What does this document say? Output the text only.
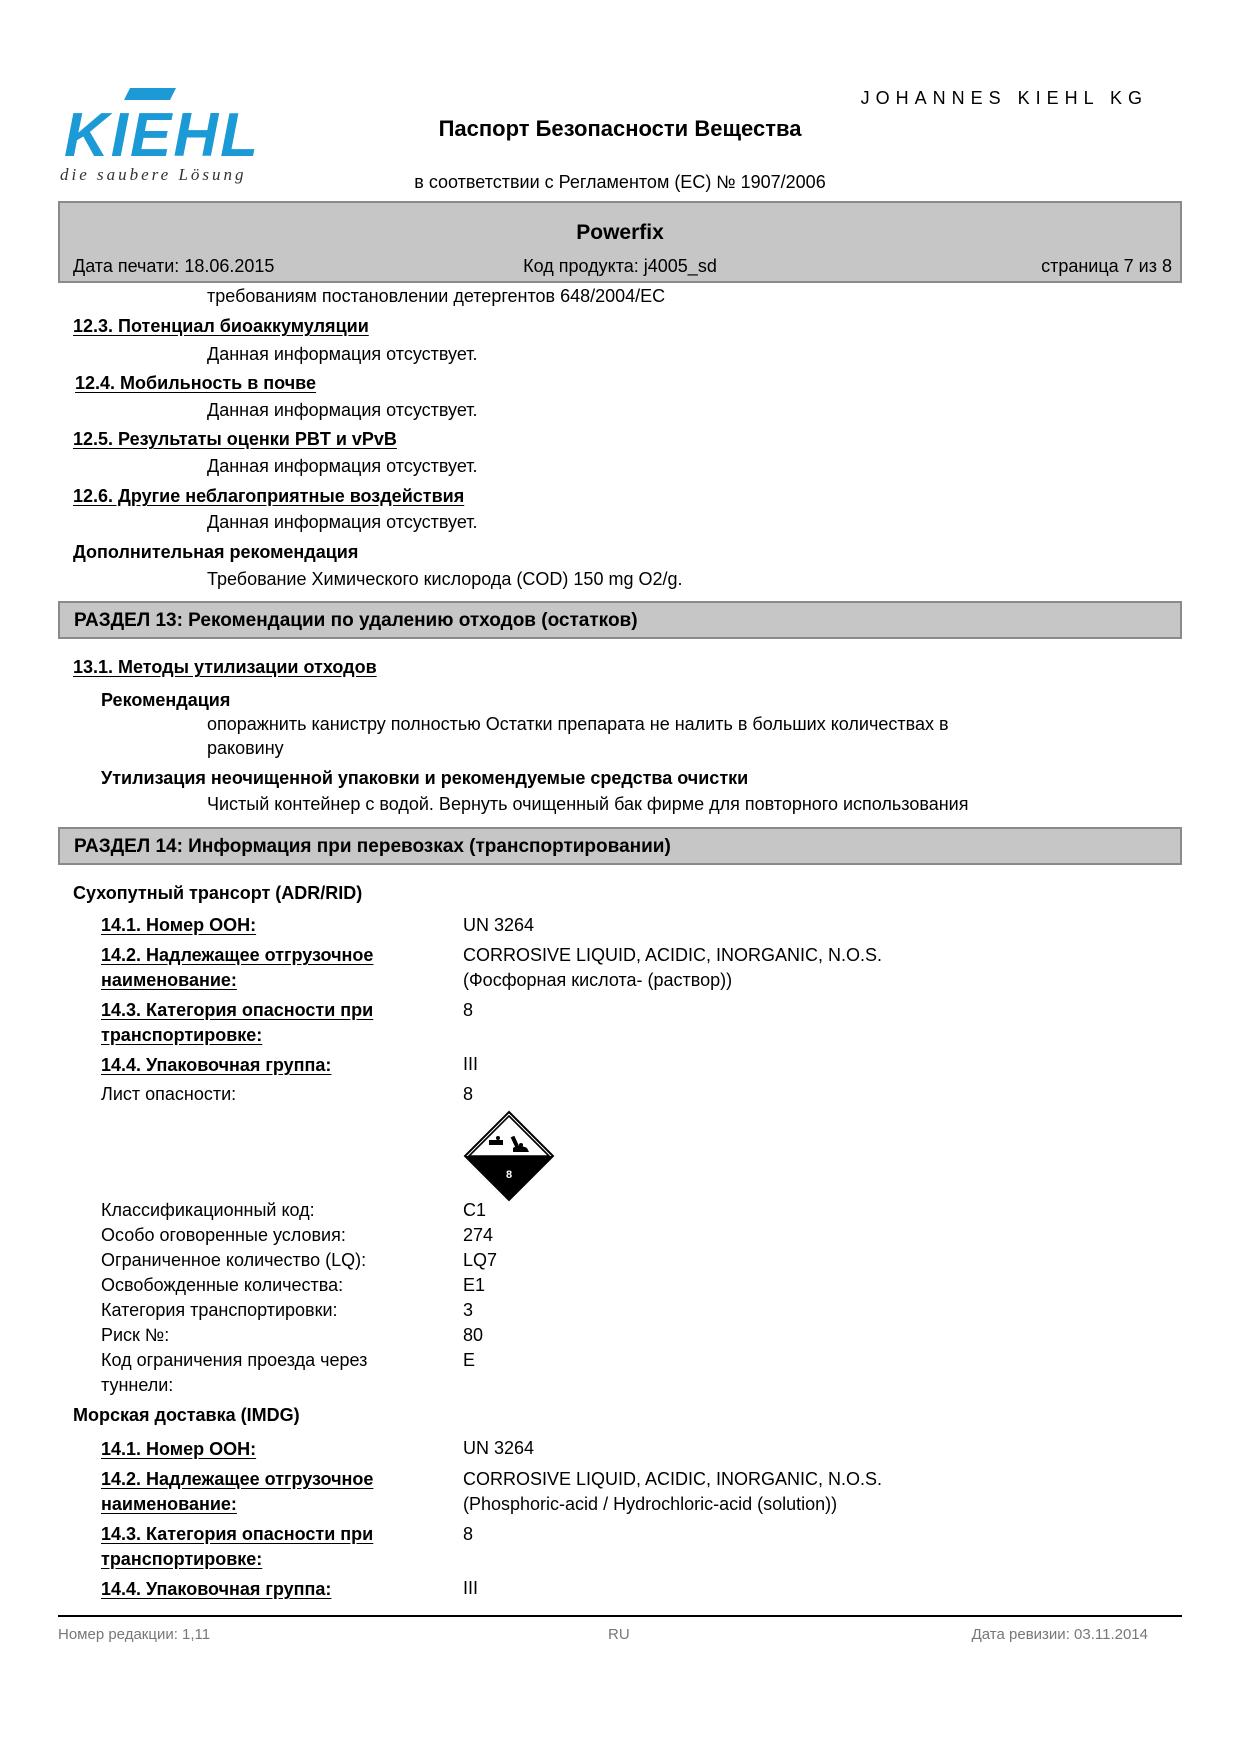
KIEHL
die saubere Lösung
JOHANNES KIEHL KG
Паспорт Безопасности Вещества
в соответствии с Регламентом (ЕС) № 1907/2006
Powerfix
Дата печати: 18.06.2015	Код продукта: j4005_sd	страница 7 из 8
требованиям постановлении детергентов 648/2004/EC
12.3. Потенциал биоаккумуляции
Данная информация отсуствует.
12.4. Мобильность в почве
Данная информация отсуствует.
12.5. Результаты оценки PBT и vPvB
Данная информация отсуствует.
12.6. Другие неблагоприятные воздействия
Данная информация отсуствует.
Дополнительная рекомендация
Требование Химического кислорода (COD) 150 mg O2/g.
РАЗДЕЛ 13: Рекомендации по удалению отходов (остатков)
13.1. Методы утилизации отходов
Рекомендация
опоражнить канистру полностью Остатки препарата не налить в больших количествах в
раковину
Утилизация неочищенной упаковки и рекомендуемые средства очистки
Чистый контейнер с водой. Вернуть очищенный бак фирме для повторного использования
РАЗДЕЛ 14: Информация при перевозках (транспортировании)
Сухопутный трансорт (ADR/RID)
14.1. Номер ООН:	UN 3264
14.2. Надлежащее отгрузочное
наименование:
CORROSIVE LIQUID, ACIDIC, INORGANIC, N.O.S.
(Фосфорная кислота- (раствор))
14.3. Категория опасности при
транспортировке:
8
14.4. Упаковочная группа:	III
Лист опасности:	8
8
Классификационный код:	C1
Особо оговоренные условия:	274
Ограниченное количество (LQ):	LQ7
Освобожденные количества:	E1
Категория транспортировки:	3
Риск №:	80
Код ограничения проезда через
туннели:
E
Морская доставка (IMDG)
14.1. Номер ООН:	UN 3264
14.2. Надлежащее отгрузочное
наименование:
CORROSIVE LIQUID, ACIDIC, INORGANIC, N.O.S.
(Phosphoric-acid / Hydrochloric-acid (solution))
14.3. Категория опасности при
транспортировке:
8
14.4. Упаковочная группа:	III
Номер редакции: 1,11	RU	Дата ревизии: 03.11.2014
